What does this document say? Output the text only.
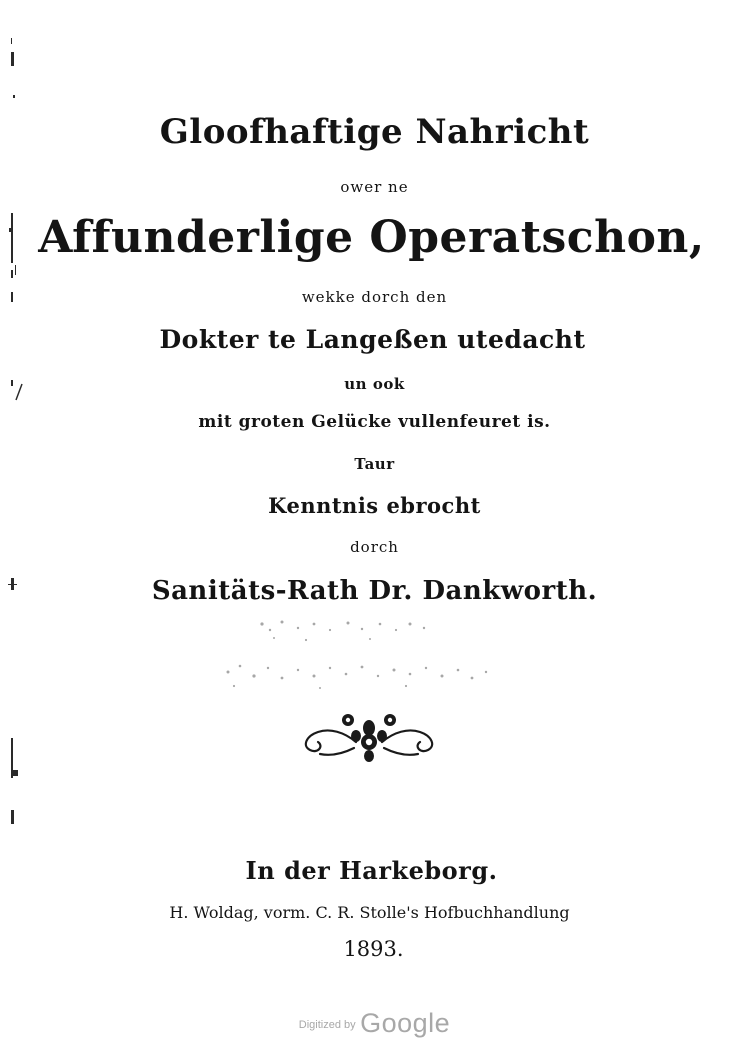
Gloofhaftige Nahricht
ower ne
Affunderlige Operatschon,
wekke dorch den
Dokter te Langeßen utedacht
un ook
mit groten Gelücke vullenfeuret is.
Taur
Kenntnis ebrocht
dorch
Sanitäts-Rath Dr. Dankworth.
In der Harkeborg.
H. Woldag, vorm. C. R. Stolle's Hofbuchhandlung
1893.
$^{Digitized by}$ Google
